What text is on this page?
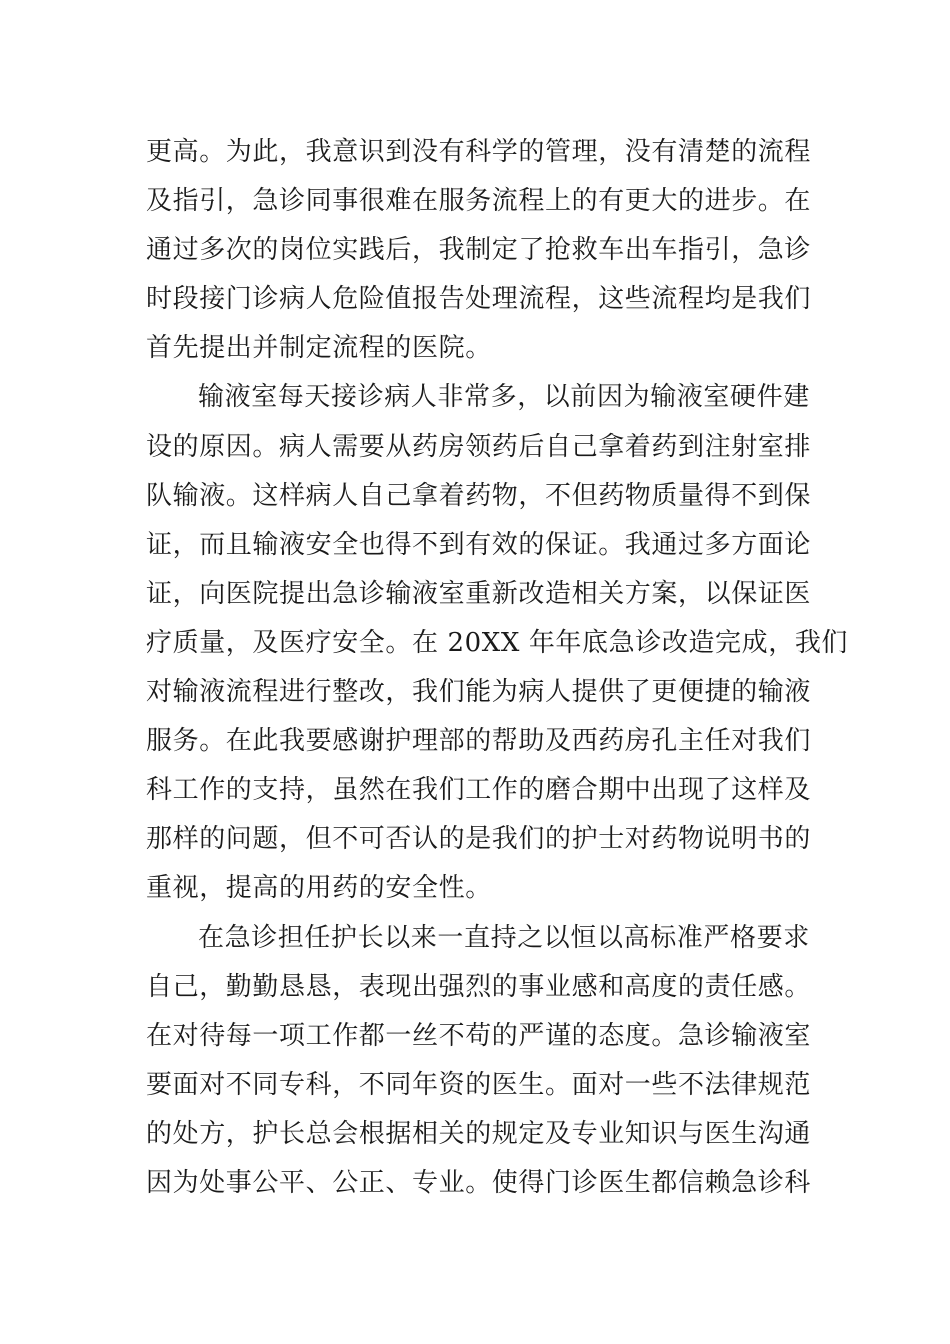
更高。为此，我意识到没有科学的管理，没有清楚的流程
及指引，急诊同事很难在服务流程上的有更大的进步。在
通过多次的岗位实践后，我制定了抢救车出车指引，急诊
时段接门诊病人危险值报告处理流程，这些流程均是我们
首先提出并制定流程的医院。
输液室每天接诊病人非常多，以前因为输液室硬件建
设的原因。病人需要从药房领药后自己拿着药到注射室排
队输液。这样病人自己拿着药物，不但药物质量得不到保
证，而且输液安全也得不到有效的保证。我通过多方面论
证，向医院提出急诊输液室重新改造相关方案，以保证医
疗质量，及医疗安全。在 20XX 年年底急诊改造完成，我们
对输液流程进行整改，我们能为病人提供了更便捷的输液
服务。在此我要感谢护理部的帮助及西药房孔主任对我们
科工作的支持，虽然在我们工作的磨合期中出现了这样及
那样的问题，但不可否认的是我们的护士对药物说明书的
重视，提高的用药的安全性。
在急诊担任护长以来一直持之以恒以高标准严格要求
自己，勤勤恳恳，表现出强烈的事业感和高度的责任感。
在对待每一项工作都一丝不苟的严谨的态度。急诊输液室
要面对不同专科，不同年资的医生。面对一些不法律规范
的处方，护长总会根据相关的规定及专业知识与医生沟通
因为处事公平、公正、专业。使得门诊医生都信赖急诊科
